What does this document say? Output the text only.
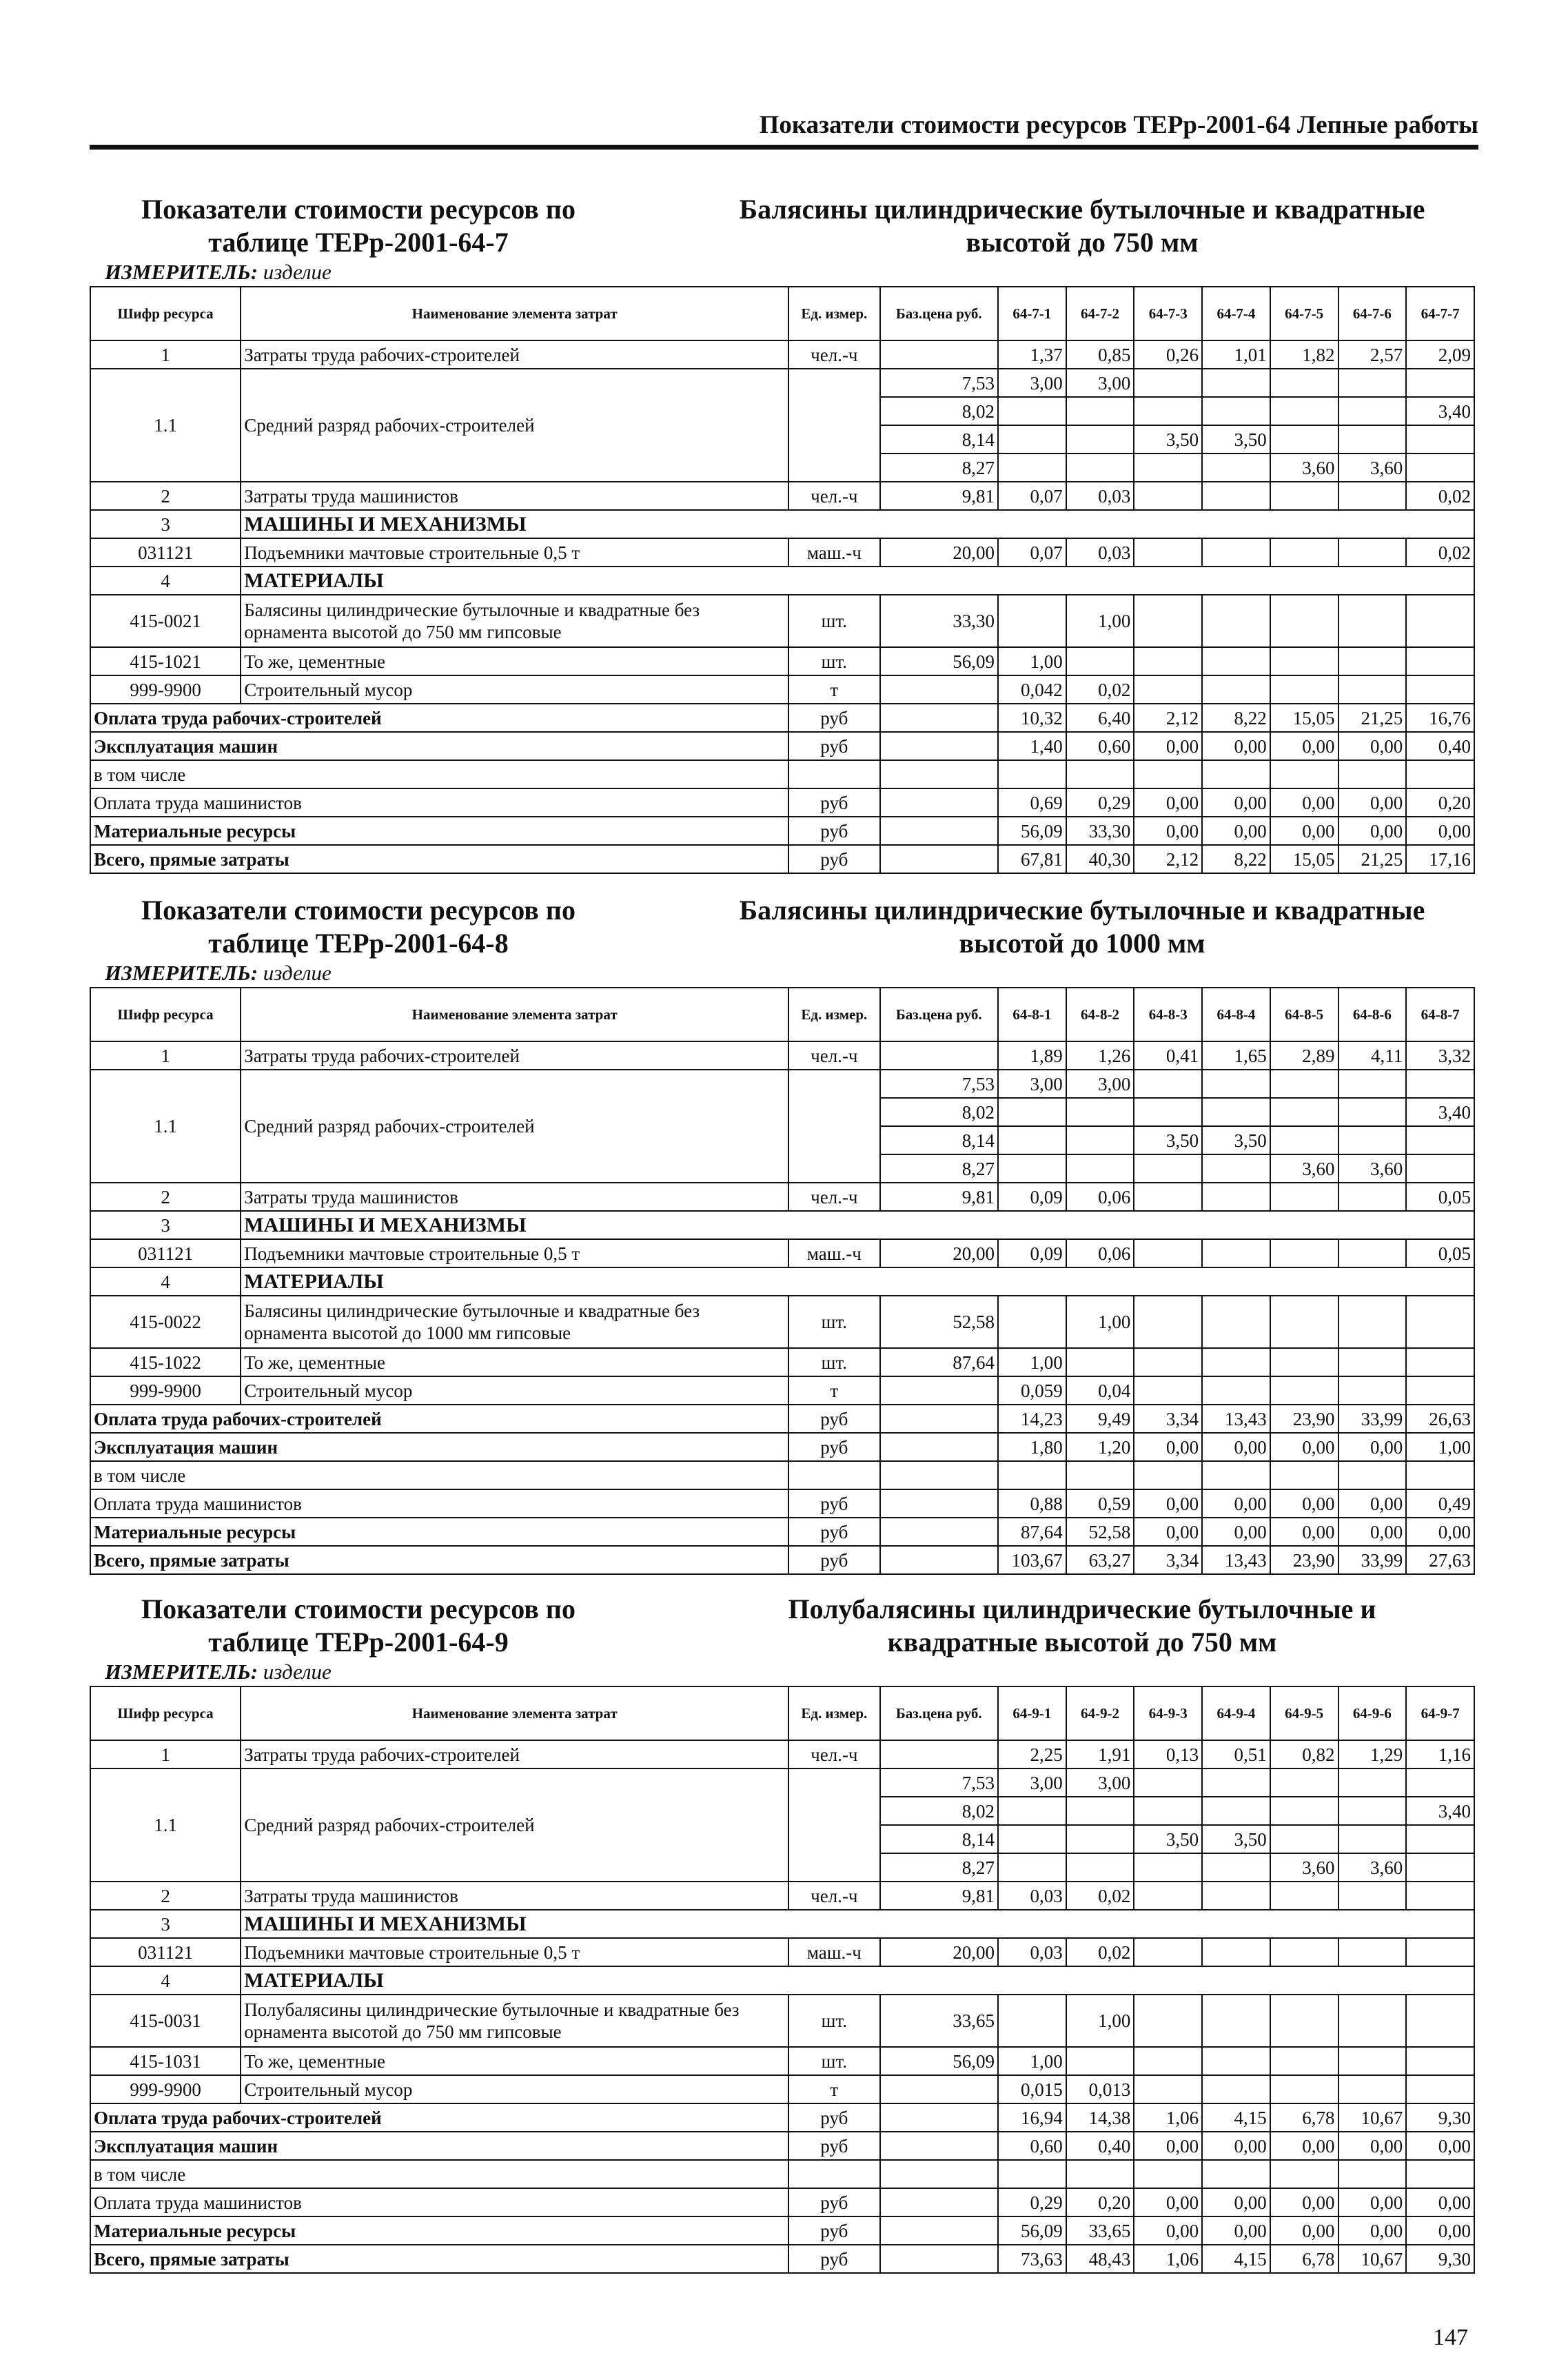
Показатели стоимости ресурсов ТЕРр-2001-64 Лепные работы
Показатели стоимости ресурсов по
таблице ТЕРр-2001-64-7
Балясины цилиндрические бутылочные и квадратные
высотой до 750 мм
ИЗМЕРИТЕЛЬ: изделие
Шифр ресурса	Наименование элемента затрат	Ед. измер.	Баз.цена руб.	64-7-1	64-7-2	64-7-3	64-7-4	64-7-5	64-7-6	64-7-7
1	Затраты труда рабочих-строителей	чел.-ч		1,37	0,85	0,26	1,01	1,82	2,57	2,09
1.1	Средний разряд рабочих-строителей		7,53	3,00	3,00					
			8,02							3,40
			8,14			3,50	3,50			
			8,27					3,60	3,60	
2	Затраты труда машинистов	чел.-ч	9,81	0,07	0,03					0,02
3	МАШИНЫ И МЕХАНИЗМЫ									
031121	Подъемники мачтовые строительные 0,5 т	маш.-ч	20,00	0,07	0,03					0,02
4	МАТЕРИАЛЫ									
415-0021	Балясины цилиндрические бутылочные и квадратные без орнамента высотой до 750 мм гипсовые	шт.	33,30		1,00					
415-1021	То же, цементные	шт.	56,09	1,00						
999-9900	Строительный мусор	т		0,042	0,02					
Оплата труда рабочих-строителей		руб		10,32	6,40	2,12	8,22	15,05	21,25	16,76
Эксплуатация машин		руб		1,40	0,60	0,00	0,00	0,00	0,00	0,40
в том числе										
Оплата труда машинистов		руб		0,69	0,29	0,00	0,00	0,00	0,00	0,20
Материальные ресурсы		руб		56,09	33,30	0,00	0,00	0,00	0,00	0,00
Всего, прямые затраты		руб		67,81	40,30	2,12	8,22	15,05	21,25	17,16
Показатели стоимости ресурсов по
таблице ТЕРр-2001-64-8
Балясины цилиндрические бутылочные и квадратные
высотой до 1000 мм
ИЗМЕРИТЕЛЬ: изделие
Шифр ресурса	Наименование элемента затрат	Ед. измер.	Баз.цена руб.	64-8-1	64-8-2	64-8-3	64-8-4	64-8-5	64-8-6	64-8-7
1	Затраты труда рабочих-строителей	чел.-ч		1,89	1,26	0,41	1,65	2,89	4,11	3,32
1.1	Средний разряд рабочих-строителей		7,53	3,00	3,00					
			8,02							3,40
			8,14			3,50	3,50			
			8,27					3,60	3,60	
2	Затраты труда машинистов	чел.-ч	9,81	0,09	0,06					0,05
3	МАШИНЫ И МЕХАНИЗМЫ									
031121	Подъемники мачтовые строительные 0,5 т	маш.-ч	20,00	0,09	0,06					0,05
4	МАТЕРИАЛЫ									
415-0022	Балясины цилиндрические бутылочные и квадратные без орнамента высотой до 1000 мм гипсовые	шт.	52,58		1,00					
415-1022	То же, цементные	шт.	87,64	1,00						
999-9900	Строительный мусор	т		0,059	0,04					
Оплата труда рабочих-строителей		руб		14,23	9,49	3,34	13,43	23,90	33,99	26,63
Эксплуатация машин		руб		1,80	1,20	0,00	0,00	0,00	0,00	1,00
в том числе										
Оплата труда машинистов		руб		0,88	0,59	0,00	0,00	0,00	0,00	0,49
Материальные ресурсы		руб		87,64	52,58	0,00	0,00	0,00	0,00	0,00
Всего, прямые затраты		руб		103,67	63,27	3,34	13,43	23,90	33,99	27,63
Показатели стоимости ресурсов по
таблице ТЕРр-2001-64-9
Полубалясины цилиндрические бутылочные и
квадратные высотой до 750 мм
ИЗМЕРИТЕЛЬ: изделие
Шифр ресурса	Наименование элемента затрат	Ед. измер.	Баз.цена руб.	64-9-1	64-9-2	64-9-3	64-9-4	64-9-5	64-9-6	64-9-7
1	Затраты труда рабочих-строителей	чел.-ч		2,25	1,91	0,13	0,51	0,82	1,29	1,16
1.1	Средний разряд рабочих-строителей		7,53	3,00	3,00					
			8,02							3,40
			8,14			3,50	3,50			
			8,27					3,60	3,60	
2	Затраты труда машинистов	чел.-ч	9,81	0,03	0,02					
3	МАШИНЫ И МЕХАНИЗМЫ									
031121	Подъемники мачтовые строительные 0,5 т	маш.-ч	20,00	0,03	0,02					
4	МАТЕРИАЛЫ									
415-0031	Полубалясины цилиндрические бутылочные и квадратные без орнамента высотой до 750 мм гипсовые	шт.	33,65		1,00					
415-1031	То же, цементные	шт.	56,09	1,00						
999-9900	Строительный мусор	т		0,015	0,013					
Оплата труда рабочих-строителей		руб		16,94	14,38	1,06	4,15	6,78	10,67	9,30
Эксплуатация машин		руб		0,60	0,40	0,00	0,00	0,00	0,00	0,00
в том числе										
Оплата труда машинистов		руб		0,29	0,20	0,00	0,00	0,00	0,00	0,00
Материальные ресурсы		руб		56,09	33,65	0,00	0,00	0,00	0,00	0,00
Всего, прямые затраты		руб		73,63	48,43	1,06	4,15	6,78	10,67	9,30
147
